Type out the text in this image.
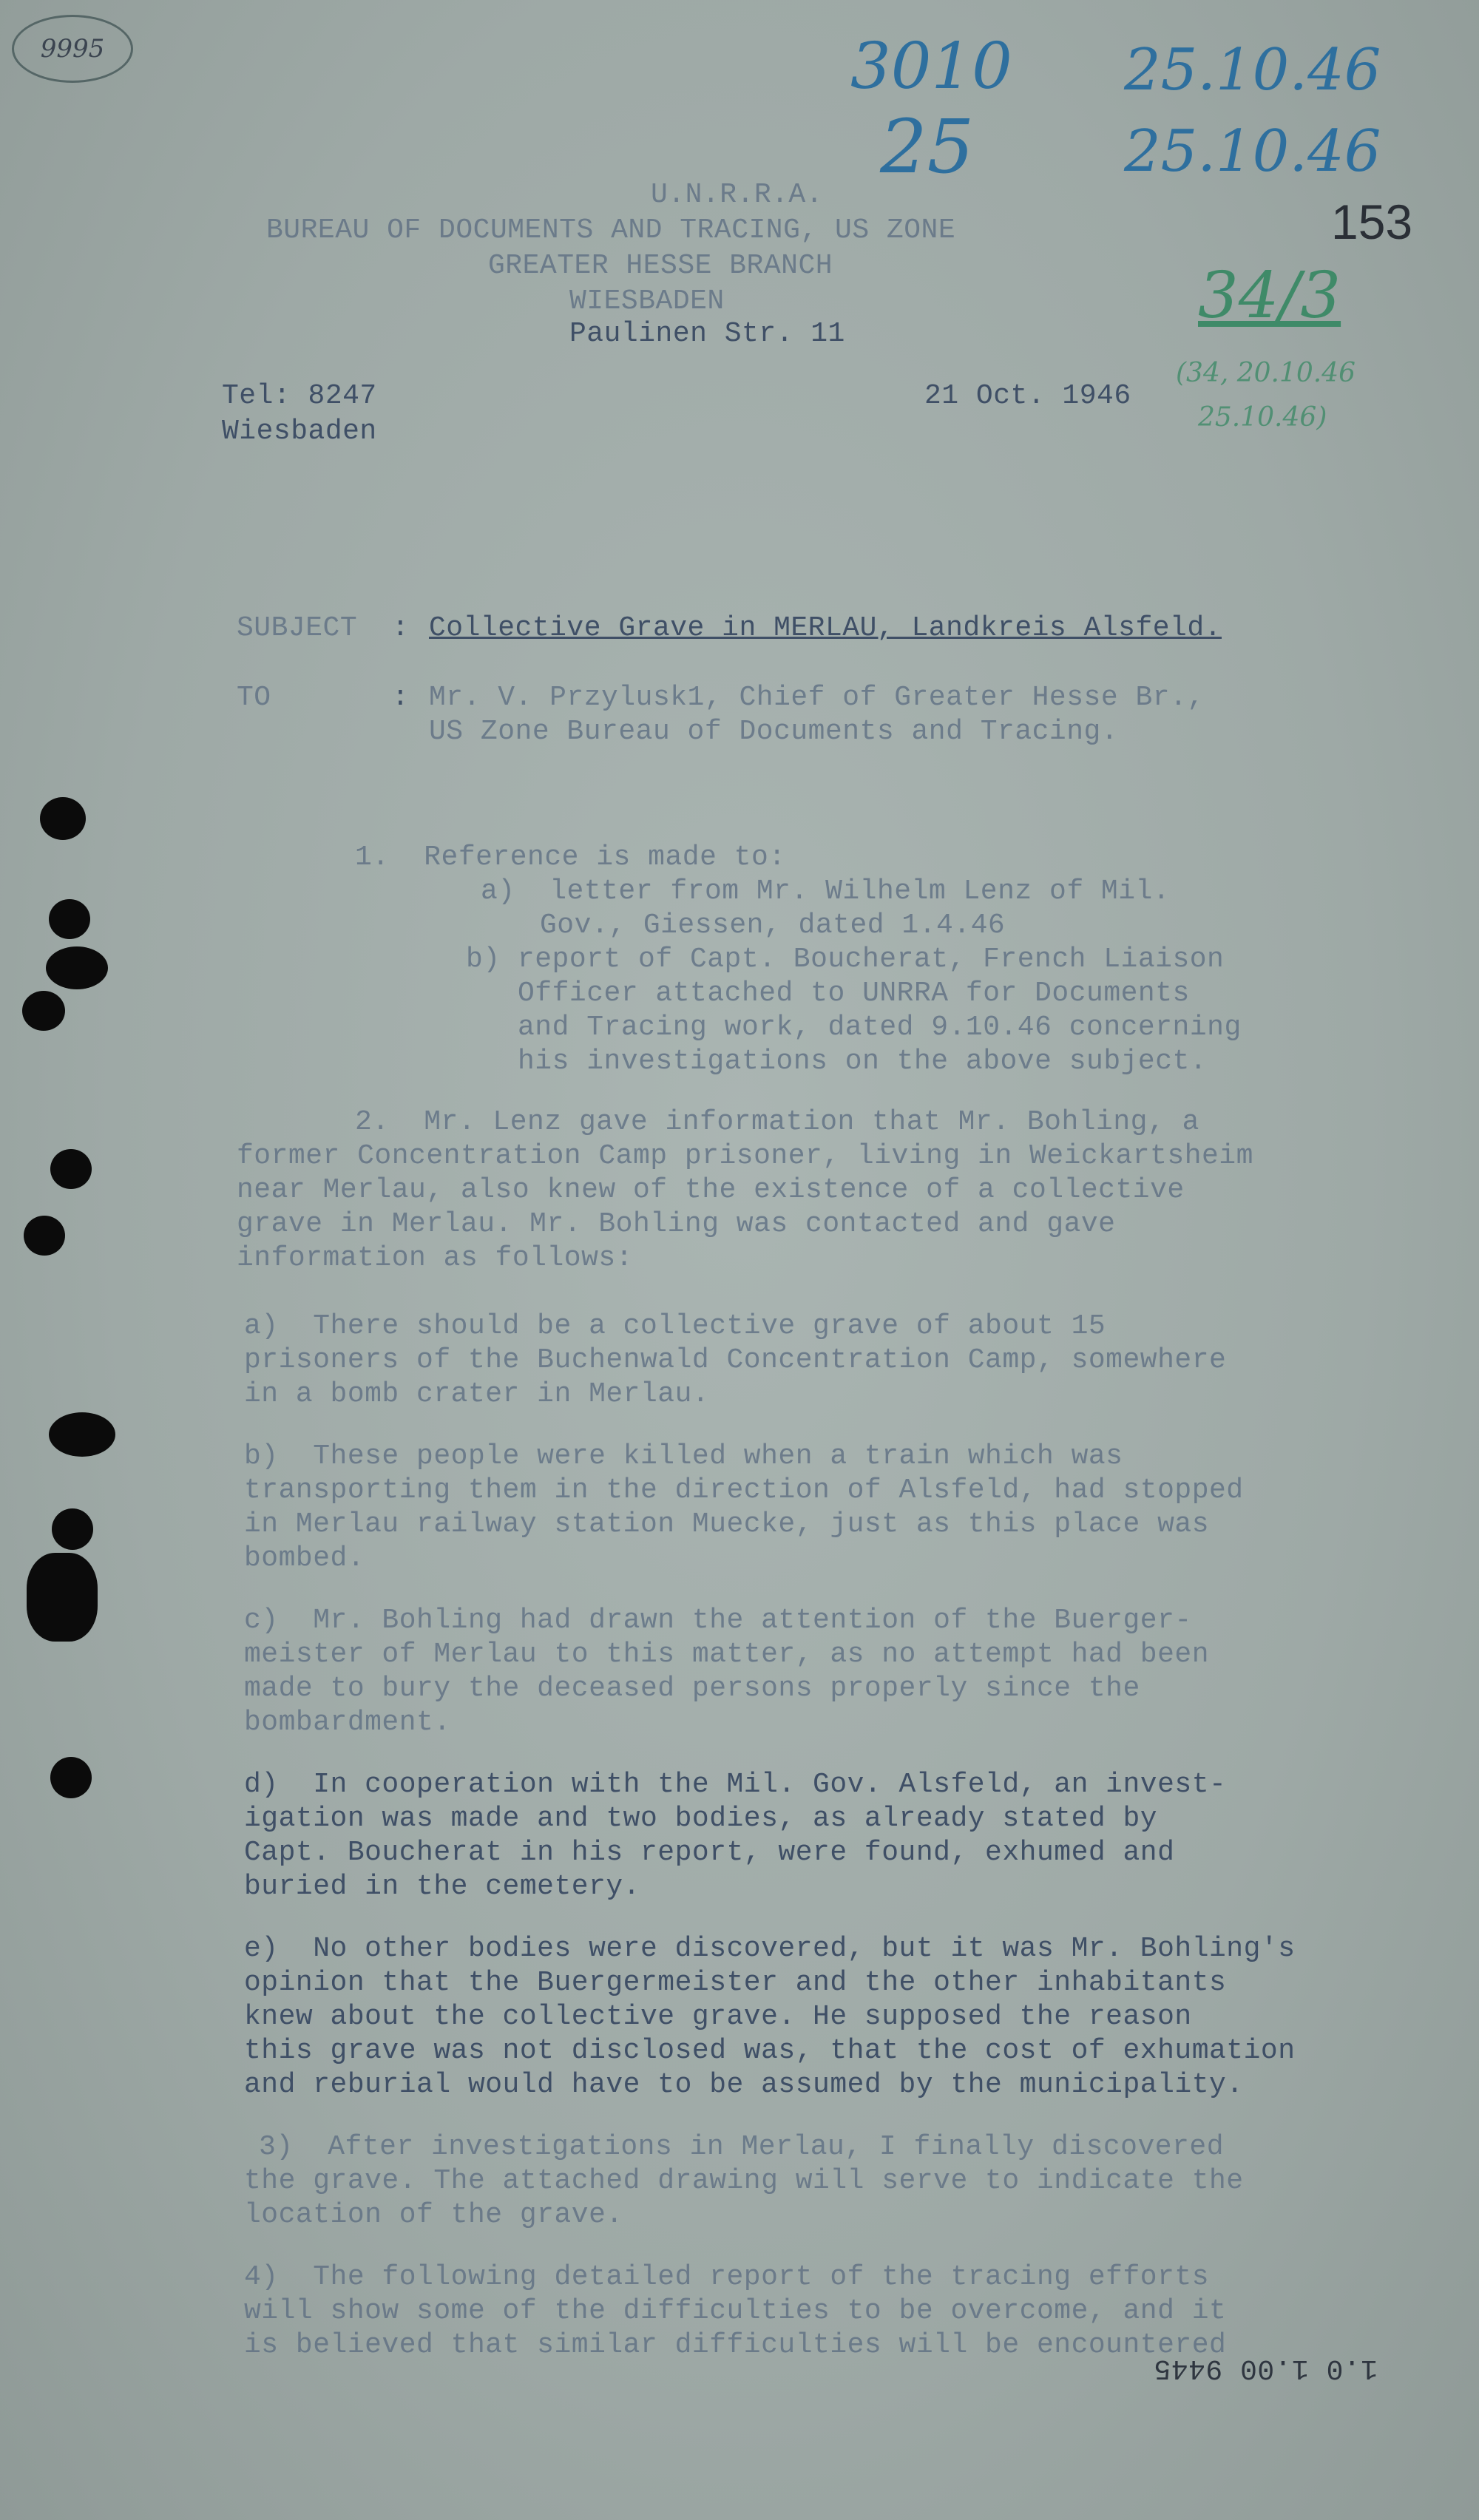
9995	3010
25
25.10.46
25.10.46
153
34/3
(34, 20.10.46
25.10.46)
U.N.R.R.A.
BUREAU OF DOCUMENTS AND TRACING, US ZONE
GREATER HESSE BRANCH
WIESBADEN
Paulinen Str. 11
Tel: 8247
Wiesbaden
21 Oct. 1946
SUBJECT : Collective Grave in MERLAU, Landkreis Alsfeld.
TO	: Mr. V. Przylusk1, Chief of Greater Hesse Br.,
US Zone Bureau of Documents and Tracing.
1.  Reference is made to:
a)  letter from Mr. Wilhelm Lenz of Mil.
Gov., Giessen, dated 1.4.46
b) report of Capt. Boucherat, French Liaison
Officer attached to UNRRA for Documents
and Tracing work, dated 9.10.46 concerning
his investigations on the above subject.
2.  Mr. Lenz gave information that Mr. Bohling, a
former Concentration Camp prisoner, living in Weickartsheim
near Merlau, also knew of the existence of a collective
grave in Merlau. Mr. Bohling was contacted and gave
information as follows:
a)  There should be a collective grave of about 15
prisoners of the Buchenwald Concentration Camp, somewhere
in a bomb crater in Merlau.
b)  These people were killed when a train which was
transporting them in the direction of Alsfeld, had stopped
in Merlau railway station Muecke, just as this place was
bombed.
c)  Mr. Bohling had drawn the attention of the Buerger-
meister of Merlau to this matter, as no attempt had been
made to bury the deceased persons properly since the
bombardment.
d)  In cooperation with the Mil. Gov. Alsfeld, an invest-
igation was made and two bodies, as already stated by
Capt. Boucherat in his report, were found, exhumed and
buried in the cemetery.
e)  No other bodies were discovered, but it was Mr. Bohling's
opinion that the Buergermeister and the other inhabitants
knew about the collective grave. He supposed the reason
this grave was not disclosed was, that the cost of exhumation
and reburial would have to be assumed by the municipality.
3)  After investigations in Merlau, I finally discovered
the grave. The attached drawing will serve to indicate the
location of the grave.
4)  The following detailed report of the tracing efforts
will show some of the difficulties to be overcome, and it
is believed that similar difficulties will be encountered
1.0 1.00 9445
